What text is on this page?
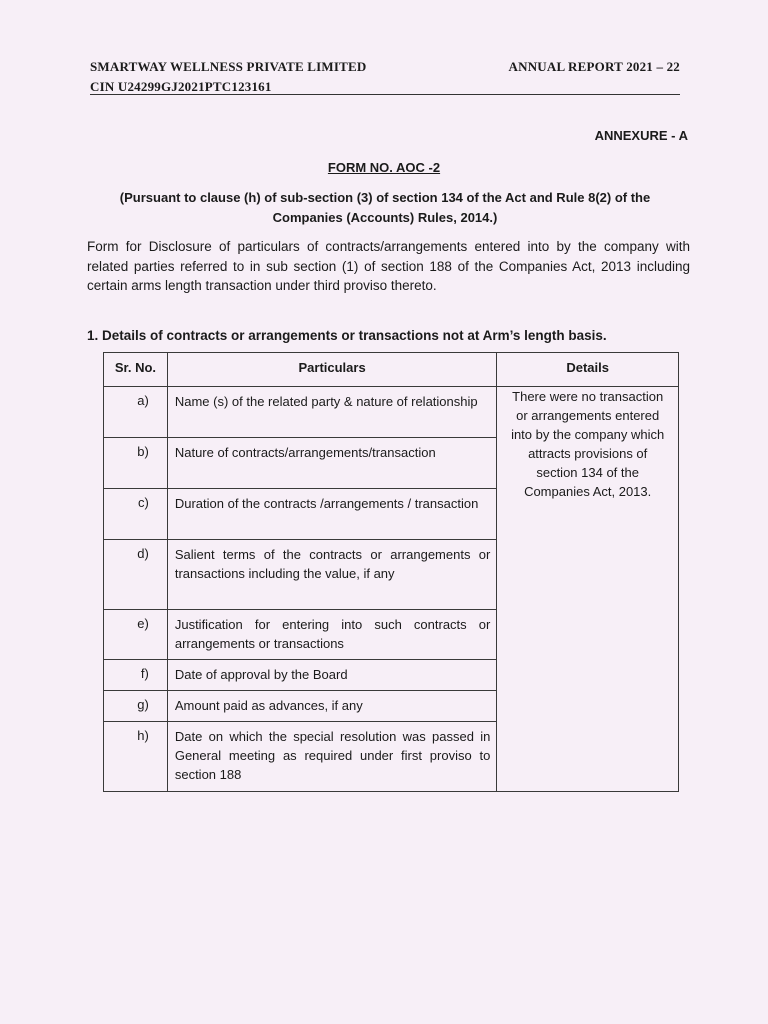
SMARTWAY WELLNESS PRIVATE LIMITED
CIN U24299GJ2021PTC123161
ANNUAL REPORT 2021 – 22
ANNEXURE - A
FORM NO. AOC -2
(Pursuant to clause (h) of sub-section (3) of section 134 of the Act and Rule 8(2) of the Companies (Accounts) Rules, 2014.)
Form for Disclosure of particulars of contracts/arrangements entered into by the company with related parties referred to in sub section (1) of section 188 of the Companies Act, 2013 including certain arms length transaction under third proviso thereto.
1. Details of contracts or arrangements or transactions not at Arm’s length basis.
Sr. No.	Particulars	Details
a)	Name (s) of the related party & nature of relationship	There were no transaction or arrangements entered into by the company which attracts provisions of section 134 of the Companies Act, 2013.
b)	Nature of contracts/arrangements/transaction	
c)	Duration of the contracts /arrangements / transaction	
d)	Salient terms of the contracts or arrangements or transactions including the value, if any	
e)	Justification for entering into such contracts or arrangements or transactions	
f)	Date of approval by the Board	
g)	Amount paid as advances, if any	
h)	Date on which the special resolution was passed in General meeting as required under first proviso to section 188	
